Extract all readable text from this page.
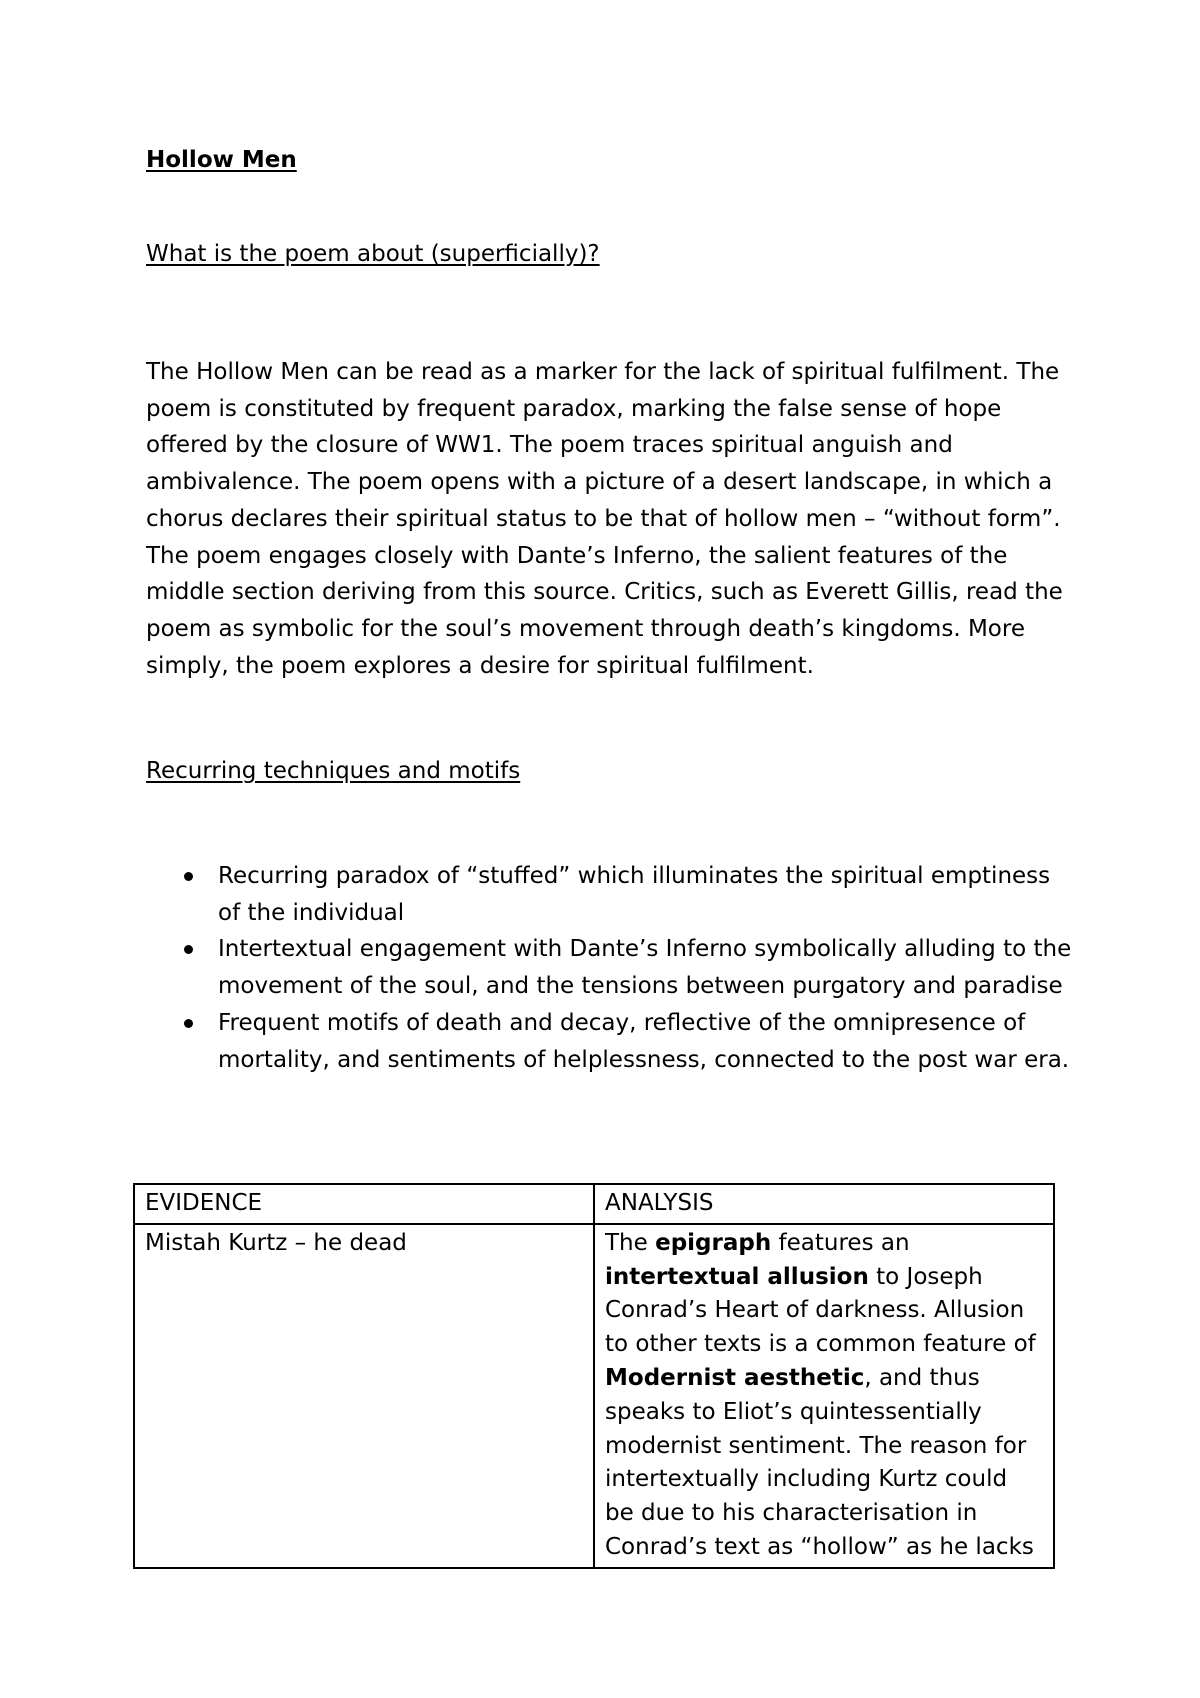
Hollow Men
What is the poem about (superficially)?

The Hollow Men can be read as a marker for the lack of spiritual fulfilment. The poem is constituted by frequent paradox, marking the false sense of hope offered by the closure of WW1. The poem traces spiritual anguish and ambivalence. The poem opens with a picture of a desert landscape, in which a chorus declares their spiritual status to be that of hollow men – “without form”. The poem engages closely with Dante’s Inferno, the salient features of the middle section deriving from this source. Critics, such as Everett Gillis, read the poem as symbolic for the soul’s movement through death’s kingdoms. More simply, the poem explores a desire for spiritual fulfilment.

Recurring techniques and motifs
Recurring paradox of “stuffed” which illuminates the spiritual emptiness of the individual
Intertextual engagement with Dante’s Inferno symbolically alluding to the movement of the soul, and the tensions between purgatory and paradise
Frequent motifs of death and decay, reflective of the omnipresence of mortality, and sentiments of helplessness, connected to the post war era.
EVIDENCE	ANALYSIS
Mistah Kurtz – he dead	The epigraph features an intertextual allusion to Joseph Conrad’s Heart of darkness. Allusion to other texts is a common feature of Modernist aesthetic, and thus speaks to Eliot’s quintessentially modernist sentiment. The reason for intertextually including Kurtz could be due to his characterisation in Conrad’s text as “hollow” as he lacks
